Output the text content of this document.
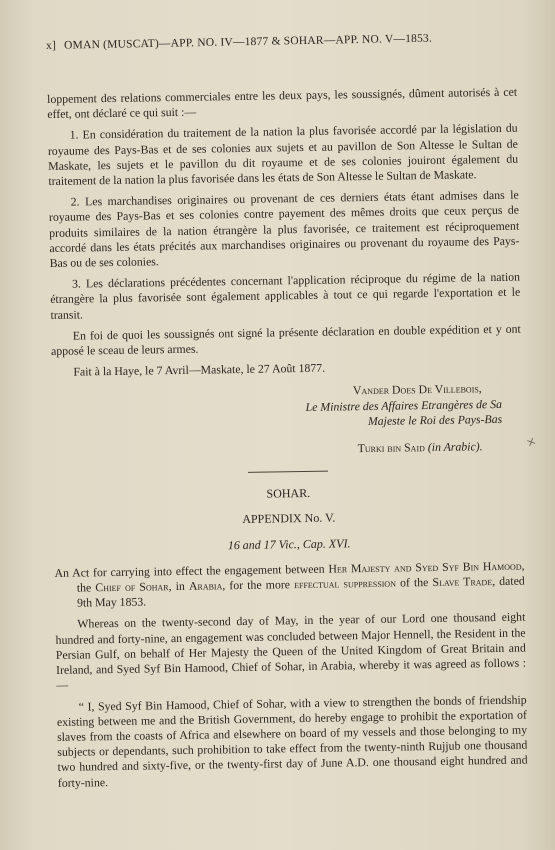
x] OMAN (MUSCAT)—APP. NO. IV—1877 & SOHAR—APP. NO. V—1853.

loppement des relations commerciales entre les deux pays, les soussignés, dûment autorisés à cet effet, ont déclaré ce qui suit :—

1. En considération du traitement de la nation la plus favorisée accordé par la législation du royaume des Pays-Bas et de ses colonies aux sujets et au pavillon de Son Altesse le Sultan de Maskate, les sujets et le pavillon du dit royaume et de ses colonies jouiront également du traitement de la nation la plus favorisée dans les états de Son Altesse le Sultan de Maskate.

2. Les marchandises originaires ou provenant de ces derniers états étant admises dans le royaume des Pays-Bas et ses colonies contre payement des mêmes droits que ceux perçus de produits similaires de la nation étrangère la plus favorisée, ce traitement est réciproquement accordé dans les états précités aux marchandises originaires ou provenant du royaume des Pays-Bas ou de ses colonies.

3. Les déclarations précédentes concernant l'application réciproque du régime de la nation étrangère la plus favorisée sont également applicables à tout ce qui regarde l'exportation et le transit.

En foi de quoi les soussignés ont signé la présente déclaration en double expédition et y ont apposé le sceau de leurs armes.

Fait à la Haye, le 7 Avril—Maskate, le 27 Août 1877.

Vander Does De Villebois,

Le Ministre des Affaires Etrangères de Sa

Majeste le Roi des Pays-Bas

Turki bin Said (in Arabic).

SOHAR.

APPENDIX No. V.

16 and 17 Vic., Cap. XVI.

An Act for carrying into effect the engagement between Her Majesty and Syed Syf Bin Hamood, the Chief of Sohar, in Arabia, for the more effectual suppression of the Slave Trade, dated 9th May 1853.

Whereas on the twenty-second day of May, in the year of our Lord one thousand eight hundred and forty-nine, an engagement was concluded between Major Hennell, the Resident in the Persian Gulf, on behalf of Her Majesty the Queen of the United Kingdom of Great Britain and Ireland, and Syed Syf Bin Hamood, Chief of Sohar, in Arabia, whereby it was agreed as follows :—

“ I, Syed Syf Bin Hamood, Chief of Sohar, with a view to strengthen the bonds of friendship existing between me and the British Government, do hereby engage to prohibit the exportation of slaves from the coasts of Africa and elsewhere on board of my vessels and those belonging to my subjects or dependants, such prohibition to take effect from the twenty-ninth Rujjub one thousand two hundred and sixty-five, or the twenty-first day of June A.D. one thousand eight hundred and forty-nine.

+
